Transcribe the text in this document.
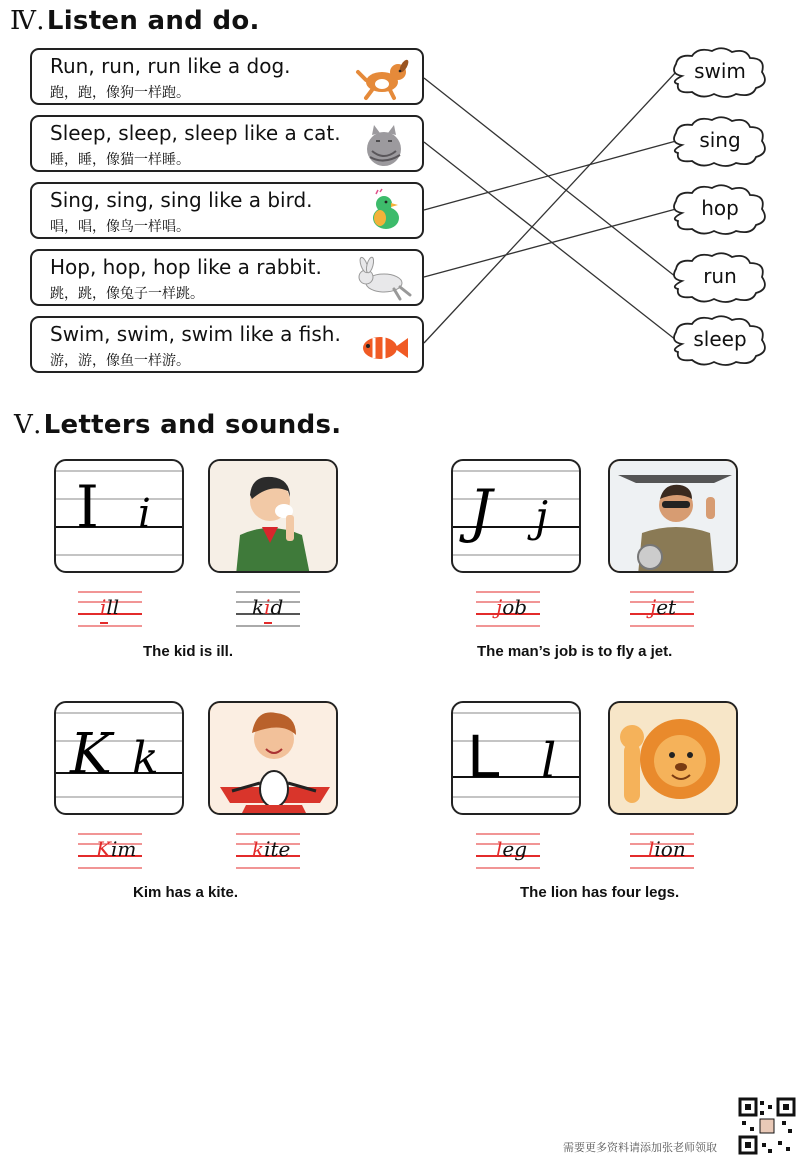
Ⅳ.Listen and do.
Run, run, run like a dog.
跑，跑，像狗一样跑。
Sleep, sleep, sleep like a cat.
睡，睡，像猫一样睡。
Sing, sing, sing like a bird.
唱，唱，像鸟一样唱。
Hop, hop, hop like a rabbit.
跳，跳，像兔子一样跳。
Swim, swim, swim like a fish.
游，游，像鱼一样游。
swim
sing
hop
run
sleep
Ⅴ.Letters and sounds.
I i
ill	kid
The kid is ill.
J j
job	jet
The man’s job is to fly a jet.
K k
Kim	kite
Kim has a kite.
L l
leg	lion
The lion has four legs.
需要更多资料请添加张老师领取
